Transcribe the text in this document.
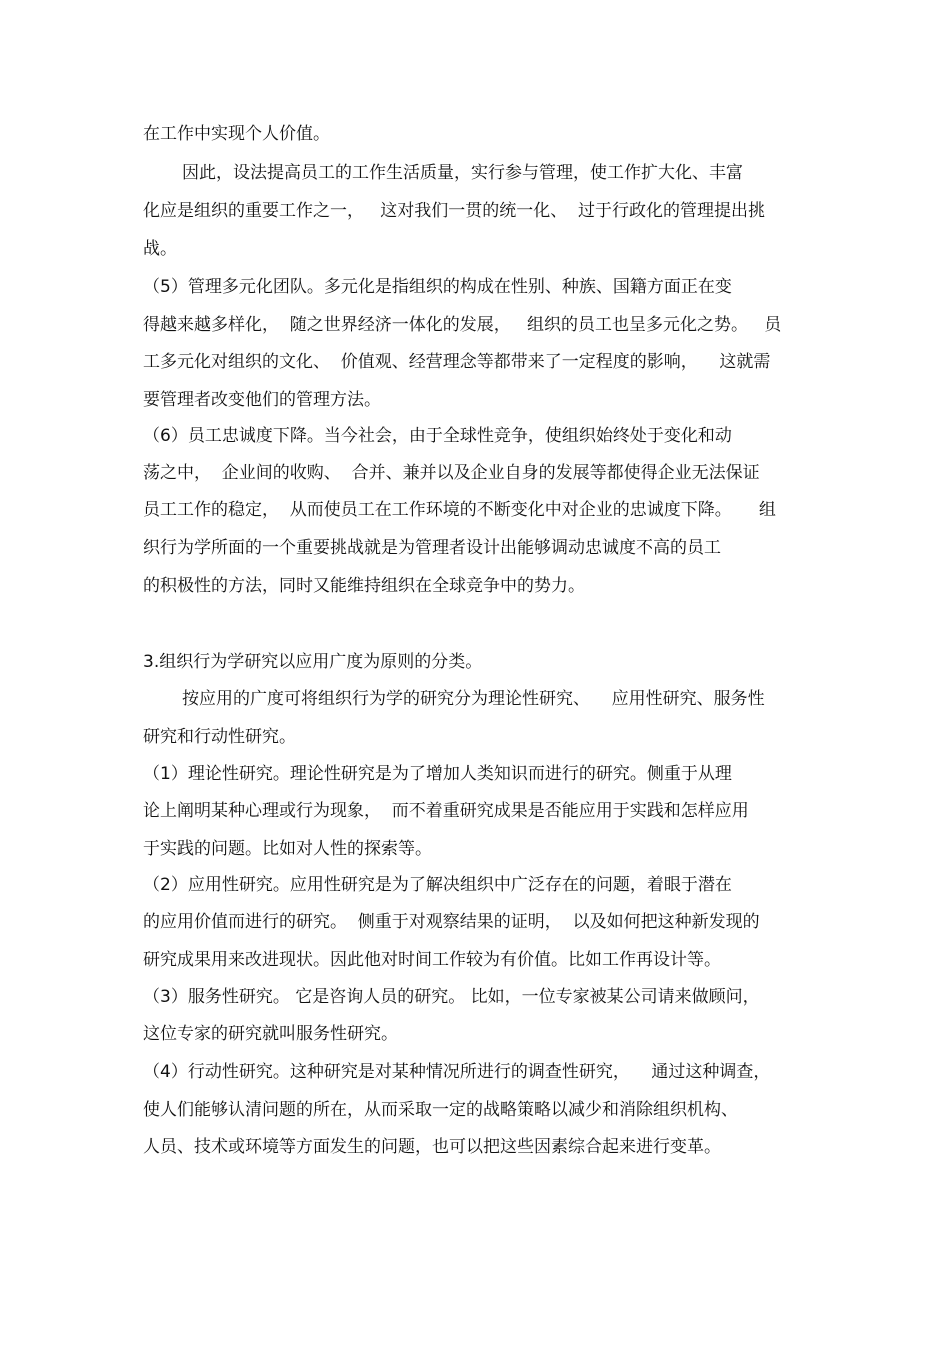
在工作中实现个人价值。

因此，设法提高员工的工作生活质量，实行参与管理，使工作扩大化、丰富

化应是组织的重要工作之一，   这对我们一贯的统一化、  过于行政化的管理提出挑

战。

（5）管理多元化团队。多元化是指组织的构成在性别、种族、国籍方面正在变

得越来越多样化，  随之世界经济一体化的发展，   组织的员工也呈多元化之势。   员

工多元化对组织的文化、  价值观、经营理念等都带来了一定程度的影响，    这就需

要管理者改变他们的管理方法。

（6）员工忠诚度下降。当今社会，由于全球性竞争，使组织始终处于变化和动

荡之中，  企业间的收购、  合并、兼并以及企业自身的发展等都使得企业无法保证

员工工作的稳定，  从而使员工在工作环境的不断变化中对企业的忠诚度下降。     组

织行为学所面的一个重要挑战就是为管理者设计出能够调动忠诚度不高的员工

的积极性的方法，同时又能维持组织在全球竞争中的势力。

3.组织行为学研究以应用广度为原则的分类。

按应用的广度可将组织行为学的研究分为理论性研究、    应用性研究、服务性

研究和行动性研究。

（1）理论性研究。理论性研究是为了增加人类知识而进行的研究。侧重于从理

论上阐明某种心理或行为现象，  而不着重研究成果是否能应用于实践和怎样应用

于实践的问题。比如对人性的探索等。

（2）应用性研究。应用性研究是为了解决组织中广泛存在的问题，着眼于潜在

的应用价值而进行的研究。  侧重于对观察结果的证明，  以及如何把这种新发现的

研究成果用来改进现状。因此他对时间工作较为有价值。比如工作再设计等。

（3）服务性研究。 它是咨询人员的研究。 比如，一位专家被某公司请来做顾问，

这位专家的研究就叫服务性研究。

（4）行动性研究。这种研究是对某种情况所进行的调查性研究，    通过这种调查，

使人们能够认清问题的所在，从而采取一定的战略策略以减少和消除组织机构、

人员、技术或环境等方面发生的问题，也可以把这些因素综合起来进行变革。
